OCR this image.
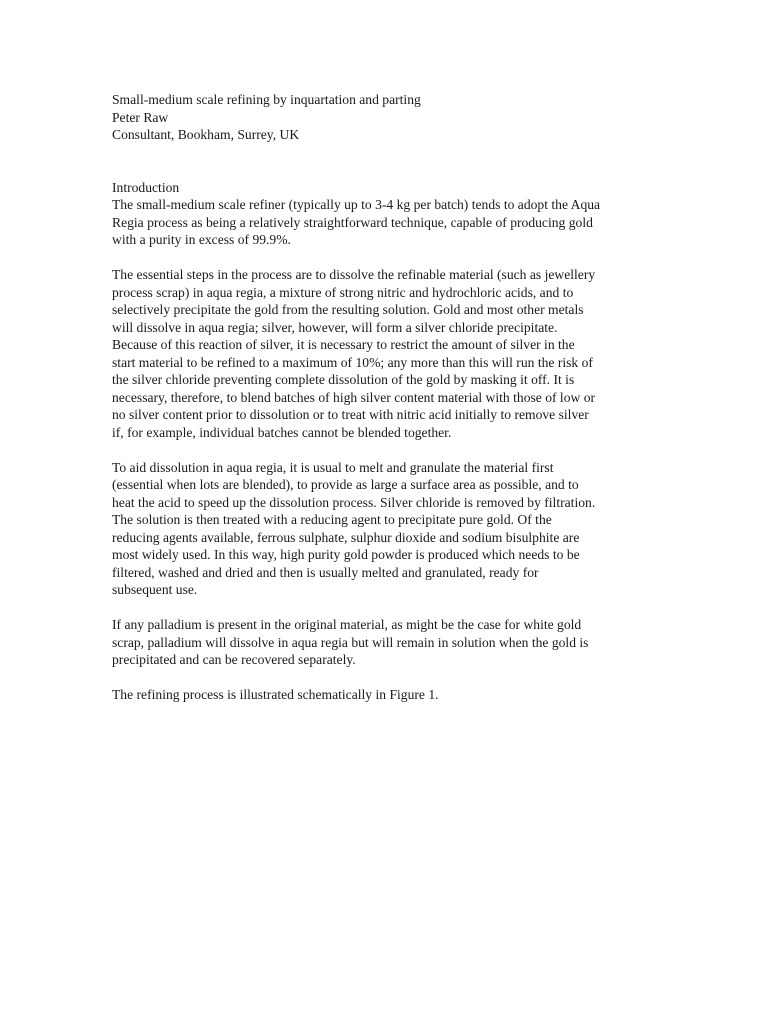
Small-medium scale refining by inquartation and parting
Peter Raw
Consultant, Bookham, Surrey, UK
Introduction
The small-medium scale refiner (typically up to 3-4 kg per batch) tends to adopt the Aqua
Regia process as being a relatively straightforward technique, capable of producing gold
with a purity in excess of 99.9%.
The essential steps in the process are to dissolve the refinable material (such as jewellery
process scrap) in aqua regia, a mixture of strong nitric and hydrochloric acids, and to
selectively precipitate the gold from the resulting solution. Gold and most other metals
will dissolve in aqua regia; silver, however, will form a silver chloride precipitate.
Because of this reaction of silver, it is necessary to restrict the amount of silver in the
start material to be refined to a maximum of 10%; any more than this will run the risk of
the silver chloride preventing complete dissolution of the gold by masking it off. It is
necessary, therefore, to blend batches of high silver content material with those of low or
no silver content prior to dissolution or to treat with nitric acid initially to remove silver
if, for example, individual batches cannot be blended together.
To aid dissolution in aqua regia, it is usual to melt and granulate the material first
(essential when lots are blended), to provide as large a surface area as possible, and to
heat the acid to speed up the dissolution process. Silver chloride is removed by filtration.
The solution is then treated with a reducing agent to precipitate pure gold. Of the
reducing agents available, ferrous sulphate, sulphur dioxide and sodium bisulphite are
most widely used. In this way, high purity gold powder is produced which needs to be
filtered, washed and dried and then is usually melted and granulated, ready for
subsequent use.
If any palladium is present in the original material, as might be the case for white gold
scrap, palladium will dissolve in aqua regia but will remain in solution when the gold is
precipitated and can be recovered separately.
The refining process is illustrated schematically in Figure 1.
